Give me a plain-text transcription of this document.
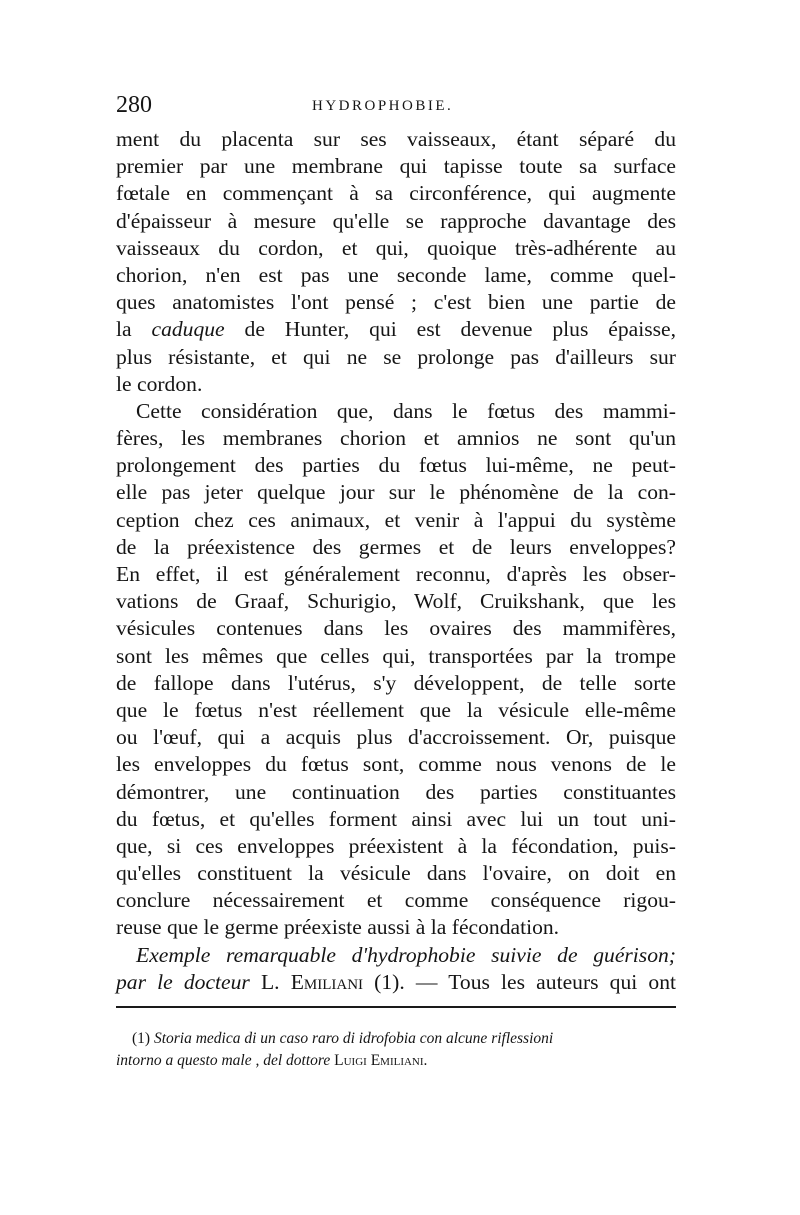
280	HYDROPHOBIE.
ment du placenta sur ses vaisseaux, étant séparé du
premier par une membrane qui tapisse toute sa surface
fœtale en commençant à sa circonférence, qui augmente
d'épaisseur à mesure qu'elle se rapproche davantage des
vaisseaux du cordon, et qui, quoique très-adhérente au
chorion, n'en est pas une seconde lame, comme quel-
ques anatomistes l'ont pensé ; c'est bien une partie de
la caduque de Hunter, qui est devenue plus épaisse,
plus résistante, et qui ne se prolonge pas d'ailleurs sur
le cordon.
Cette considération que, dans le fœtus des mammi-
fères, les membranes chorion et amnios ne sont qu'un
prolongement des parties du fœtus lui-même, ne peut-
elle pas jeter quelque jour sur le phénomène de la con-
ception chez ces animaux, et venir à l'appui du système
de la préexistence des germes et de leurs enveloppes?
En effet, il est généralement reconnu, d'après les obser-
vations de Graaf, Schurigio, Wolf, Cruikshank, que les
vésicules contenues dans les ovaires des mammifères,
sont les mêmes que celles qui, transportées par la trompe
de fallope dans l'utérus, s'y développent, de telle sorte
que le fœtus n'est réellement que la vésicule elle-même
ou l'œuf, qui a acquis plus d'accroissement. Or, puisque
les enveloppes du fœtus sont, comme nous venons de le
démontrer, une continuation des parties constituantes
du fœtus, et qu'elles forment ainsi avec lui un tout uni-
que, si ces enveloppes préexistent à la fécondation, puis-
qu'elles constituent la vésicule dans l'ovaire, on doit en
conclure nécessairement et comme conséquence rigou-
reuse que le germe préexiste aussi à la fécondation.
Exemple remarquable d'hydrophobie suivie de guérison;
par le docteur L. Emiliani (1). — Tous les auteurs qui ont
(1) Storia medica di un caso raro di idrofobia con alcune riflessioni
intorno a questo male , del dottore Luigi Emiliani.
